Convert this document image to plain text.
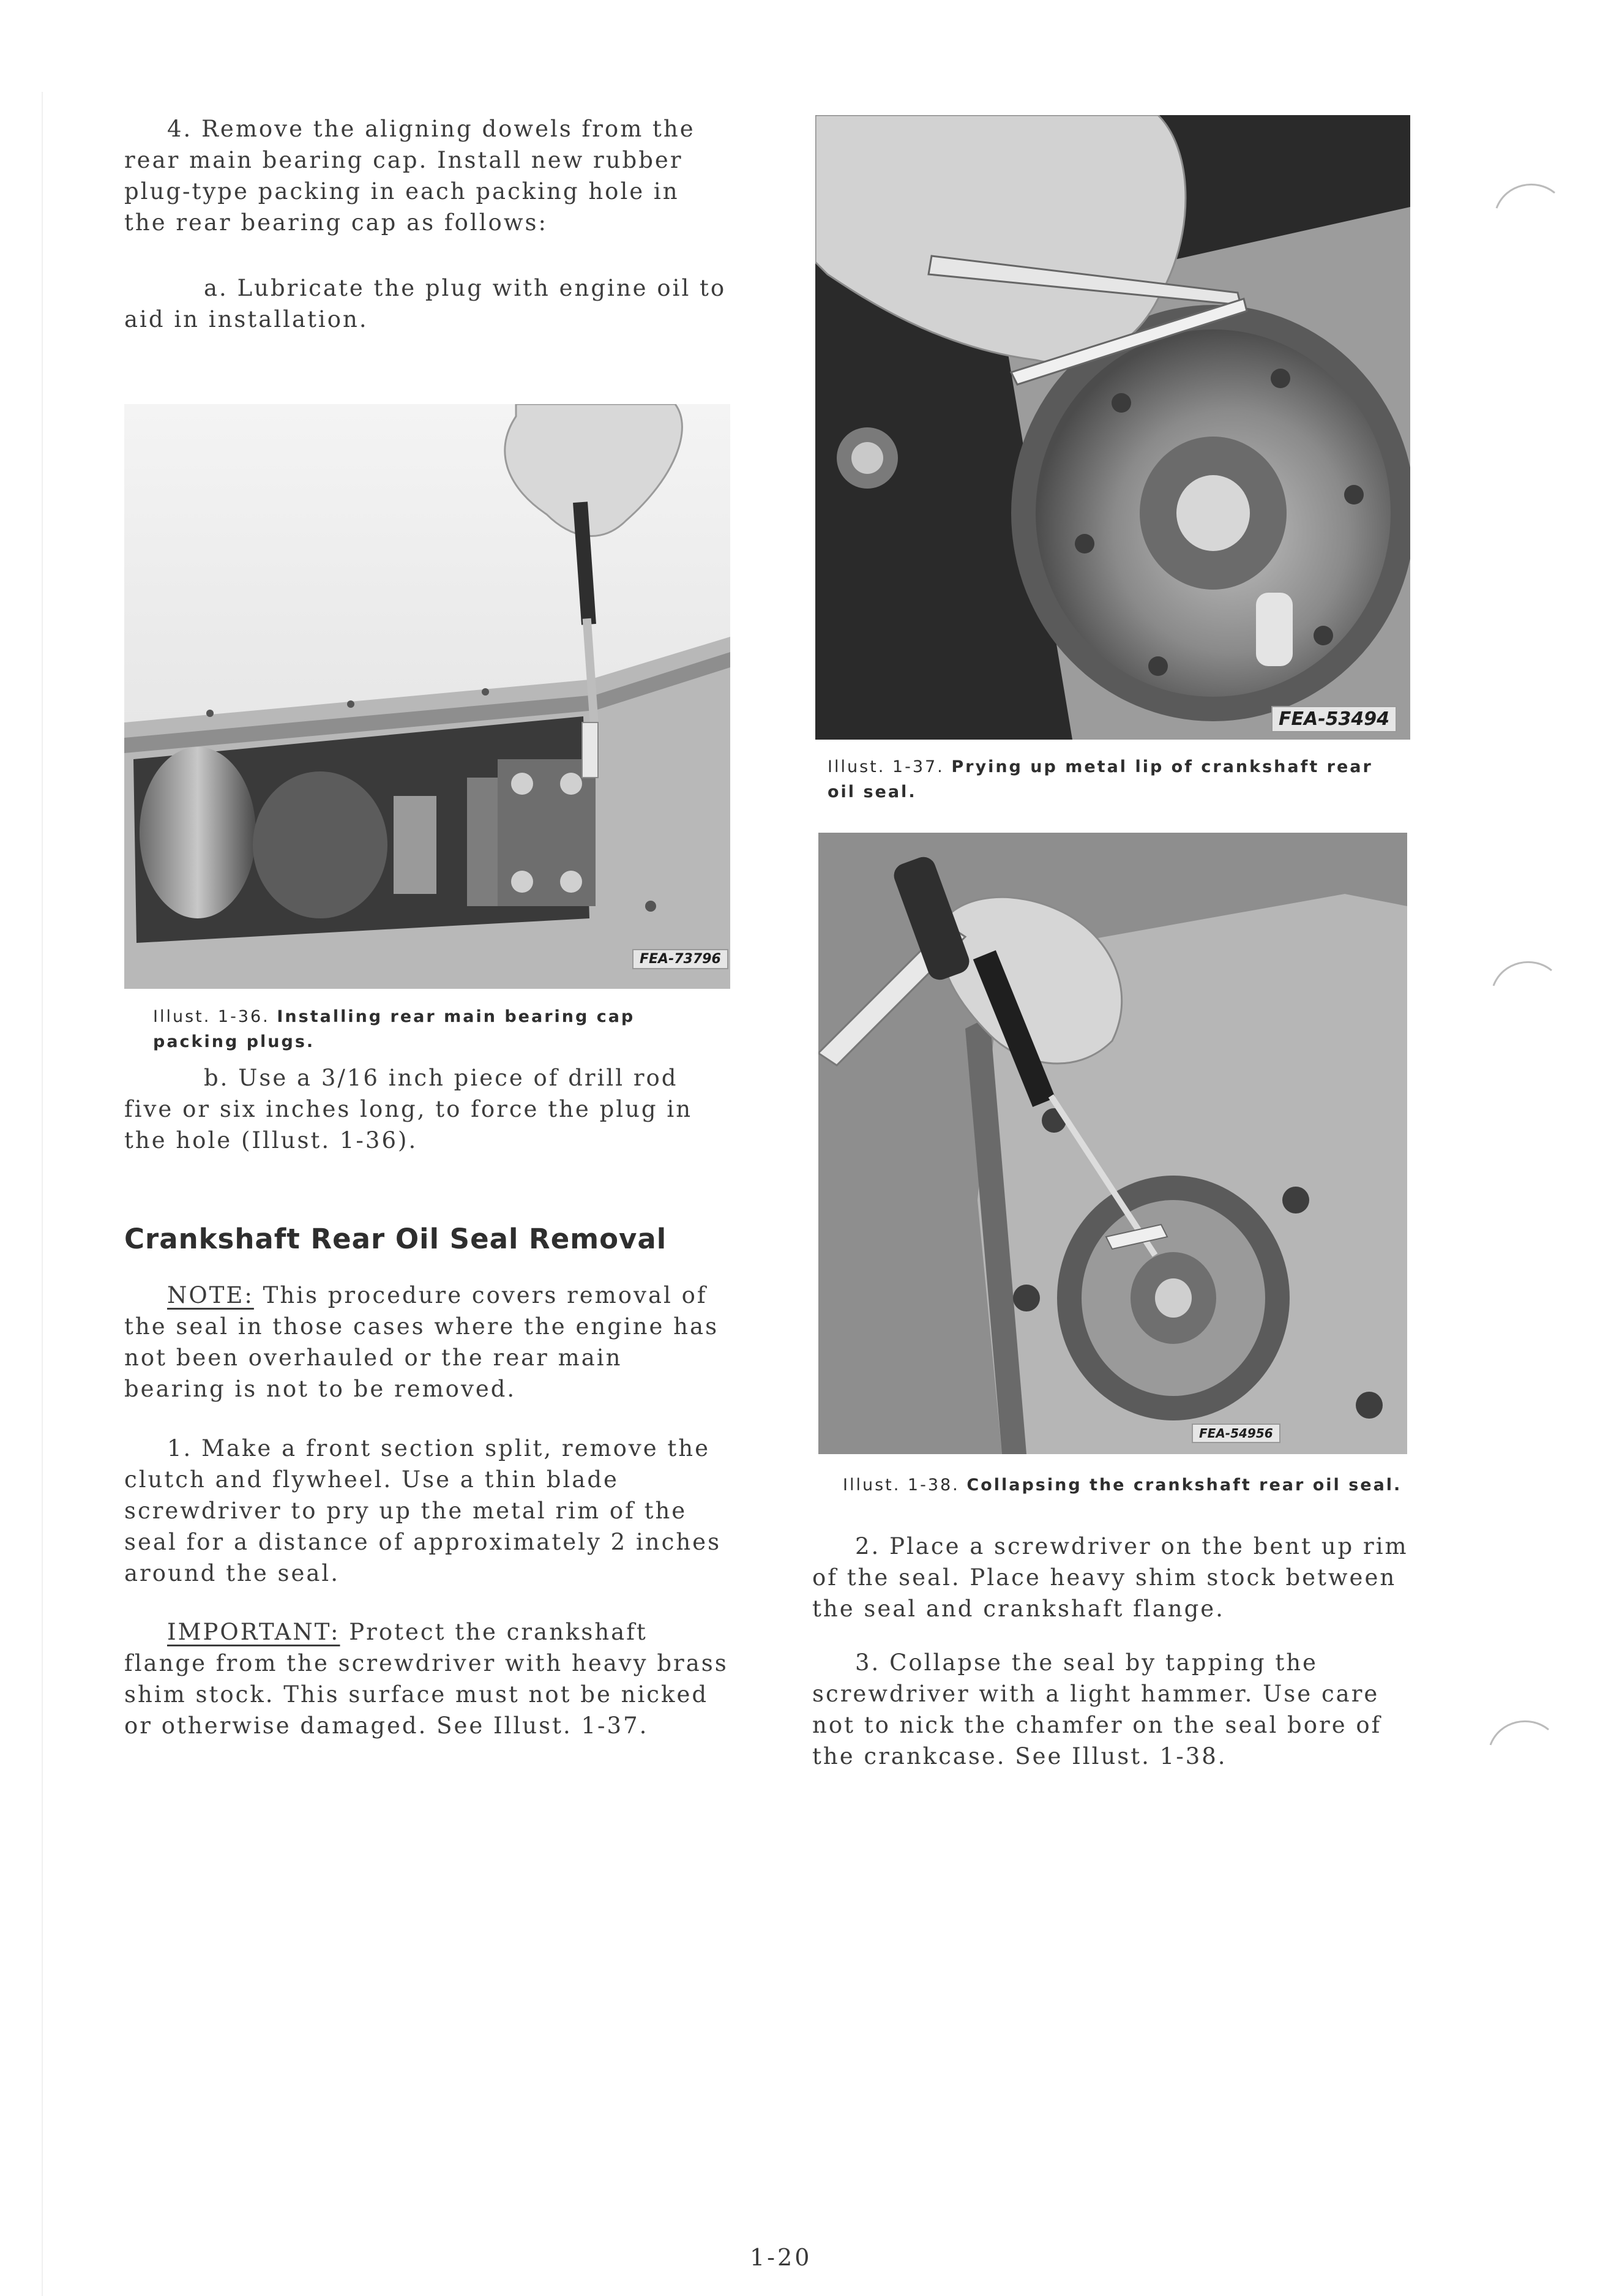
4. Remove the aligning dowels from the rear main bearing cap. Install new rubber plug-type packing in each packing hole in the rear bearing cap as follows:

a. Lubricate the plug with engine oil to aid in installation.

FEA-73796

Illust. 1-36. Installing rear main bearing cap packing plugs.

b. Use a 3/16 inch piece of drill rod five or six inches long, to force the plug in the hole (Illust. 1-36).

Crankshaft Rear Oil Seal Removal

NOTE: This procedure covers removal of the seal in those cases where the engine has not been overhauled or the rear main bearing is not to be removed.

1. Make a front section split, remove the clutch and flywheel. Use a thin blade screwdriver to pry up the metal rim of the seal for a distance of approximately 2 inches around the seal.

IMPORTANT: Protect the crankshaft flange from the screwdriver with heavy brass shim stock. This surface must not be nicked or otherwise damaged. See Illust. 1-37.

FEA-53494

Illust. 1-37. Prying up metal lip of crankshaft rear oil seal.

FEA-54956

Illust. 1-38. Collapsing the crankshaft rear oil seal.

2. Place a screwdriver on the bent up rim of the seal. Place heavy shim stock between the seal and crankshaft flange.

3. Collapse the seal by tapping the screwdriver with a light hammer. Use care not to nick the chamfer on the seal bore of the crankcase. See Illust. 1-38.

1-20
